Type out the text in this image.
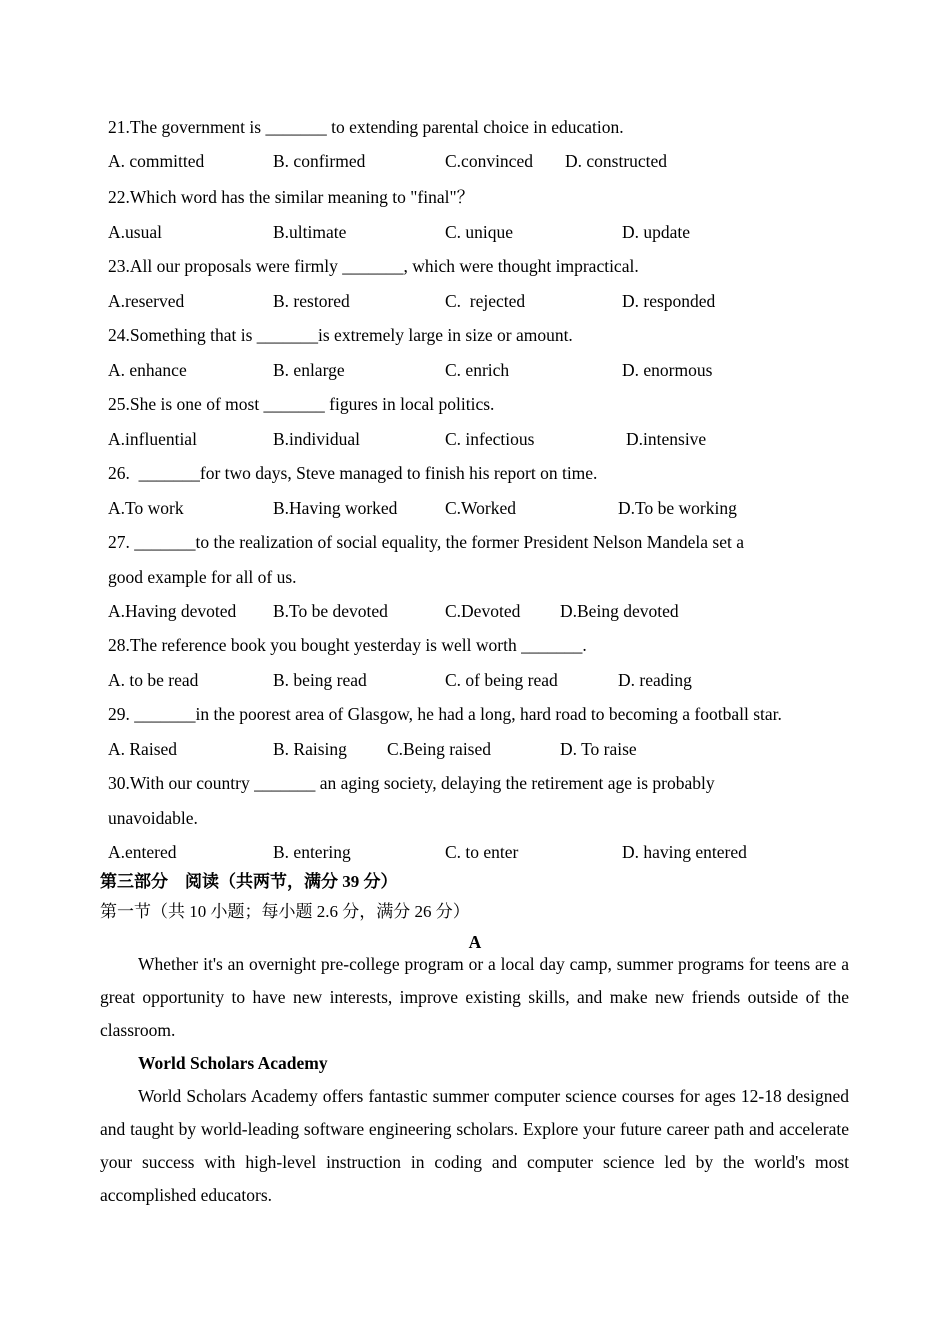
21.The government is _______ to extending parental choice in education.
A. committed	B. confirmed	C.convinced D. constructed
22.Which word has the similar meaning to "final"？
A.usual	B.ultimate	C. unique	D. update
23.All our proposals were firmly _______, which were thought impractical.
A.reserved	B. restored	C.  rejected	D. responded
24.Something that is _______is extremely large in size or amount.
A. enhance	B. enlarge	C. enrich	D. enormous
25.She is one of most _______ figures in local politics.
A.influential	B.individual	C. infectious	D.intensive
26.  _______for two days, Steve managed to finish his report on time.
A.To work	B.Having worked	C.Worked	D.To be working
27. _______to the realization of social equality, the former President Nelson Mandela set a
good example for all of us.
A.Having devoted B.To be devoted	C.Devoted D.Being devoted
28.The reference book you bought yesterday is well worth _______.
A. to be read	B. being read	C. of being read	D. reading
29. _______in the poorest area of Glasgow, he had a long, hard road to becoming a football star.
A. Raised	B. Raising C.Being raised	D. To raise
30.With our country _______ an aging society, delaying the retirement age is probably
unavoidable.
A.entered	B. entering	C. to enter	D. having entered
第三部分　阅读（共两节，满分 39 分）
第一节（共 10 小题；每小题 2.6 分，满分 26 分）
A
Whether it's an overnight pre-college program or a local day camp, summer programs for teens are a great opportunity to have new interests, improve existing skills, and make new friends outside of the classroom.
World Scholars Academy
World Scholars Academy offers fantastic summer computer science courses for ages 12-18 designed and taught by world-leading software engineering scholars. Explore your future career path and accelerate your success with high-level instruction in coding and computer science led by the world's most accomplished educators.
